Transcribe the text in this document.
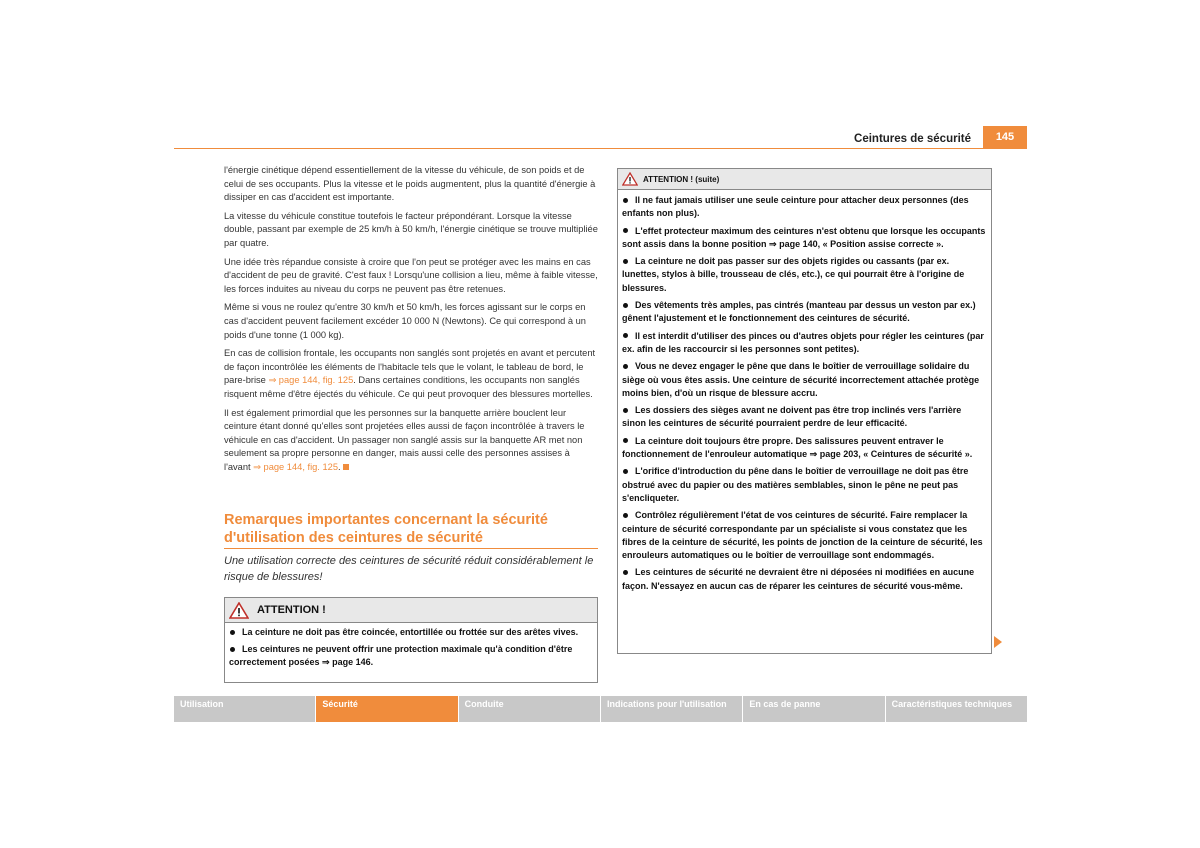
Ceintures de sécurité	145

l'énergie cinétique dépend essentiellement de la vitesse du véhicule, de son poids et de celui de ses occupants. Plus la vitesse et le poids augmentent, plus la quantité d'énergie à dissiper en cas d'accident est importante.

La vitesse du véhicule constitue toutefois le facteur prépondérant. Lorsque la vitesse double, passant par exemple de 25 km/h à 50 km/h, l'énergie cinétique se trouve multipliée par quatre.

Une idée très répandue consiste à croire que l'on peut se protéger avec les mains en cas d'accident de peu de gravité. C'est faux ! Lorsqu'une collision a lieu, même à faible vitesse, les forces induites au niveau du corps ne peuvent pas être retenues.

Même si vous ne roulez qu'entre 30 km/h et 50 km/h, les forces agissant sur le corps en cas d'accident peuvent facilement excéder 10 000 N (Newtons). Ce qui correspond à un poids d'une tonne (1 000 kg).

En cas de collision frontale, les occupants non sanglés sont projetés en avant et percutent de façon incontrôlée les éléments de l'habitacle tels que le volant, le tableau de bord, le pare-brise ⇒ page 144, fig. 125. Dans certaines conditions, les occupants non sanglés risquent même d'être éjectés du véhicule. Ce qui peut provoquer des blessures mortelles.

Il est également primordial que les personnes sur la banquette arrière bouclent leur ceinture étant donné qu'elles sont projetées elles aussi de façon incontrôlée à travers le véhicule en cas d'accident. Un passager non sanglé assis sur la banquette AR met non seulement sa propre personne en danger, mais aussi celle des personnes assises à l'avant ⇒ page 144, fig. 125.

Remarques importantes concernant la sécurité d'utilisation des ceintures de sécurité
Une utilisation correcte des ceintures de sécurité réduit considérablement le risque de blessures!
ATTENTION !
La ceinture ne doit pas être coincée, entortillée ou frottée sur des arêtes vives.
Les ceintures ne peuvent offrir une protection maximale qu'à condition d'être correctement posées ⇒ page 146.
ATTENTION ! (suite)
Il ne faut jamais utiliser une seule ceinture pour attacher deux personnes (des enfants non plus).
L'effet protecteur maximum des ceintures n'est obtenu que lorsque les occupants sont assis dans la bonne position ⇒ page 140, « Position assise correcte ».
La ceinture ne doit pas passer sur des objets rigides ou cassants (par ex. lunettes, stylos à bille, trousseau de clés, etc.), ce qui pourrait être à l'origine de blessures.
Des vêtements très amples, pas cintrés (manteau par dessus un veston par ex.) gênent l'ajustement et le fonctionnement des ceintures de sécurité.
Il est interdit d'utiliser des pinces ou d'autres objets pour régler les ceintures (par ex. afin de les raccourcir si les personnes sont petites).
Vous ne devez engager le pêne que dans le boîtier de verrouillage solidaire du siège où vous êtes assis. Une ceinture de sécurité incorrectement attachée protège moins bien, d'où un risque de blessure accru.
Les dossiers des sièges avant ne doivent pas être trop inclinés vers l'arrière sinon les ceintures de sécurité pourraient perdre de leur efficacité.
La ceinture doit toujours être propre. Des salissures peuvent entraver le fonctionnement de l'enrouleur automatique ⇒ page 203, « Ceintures de sécurité ».
L'orifice d'introduction du pêne dans le boîtier de verrouillage ne doit pas être obstrué avec du papier ou des matières semblables, sinon le pêne ne peut pas s'encliqueter.
Contrôlez régulièrement l'état de vos ceintures de sécurité. Faire remplacer la ceinture de sécurité correspondante par un spécialiste si vous constatez que les fibres de la ceinture de sécurité, les points de jonction de la ceinture de sécurité, les enrouleurs automatiques ou le boîtier de verrouillage sont endommagés.
Les ceintures de sécurité ne devraient être ni déposées ni modifiées en aucune façon. N'essayez en aucun cas de réparer les ceintures de sécurité vous-même.
Utilisation	Sécurité	Conduite	Indications pour l'utilisation	En cas de panne	Caractéristiques techniques
